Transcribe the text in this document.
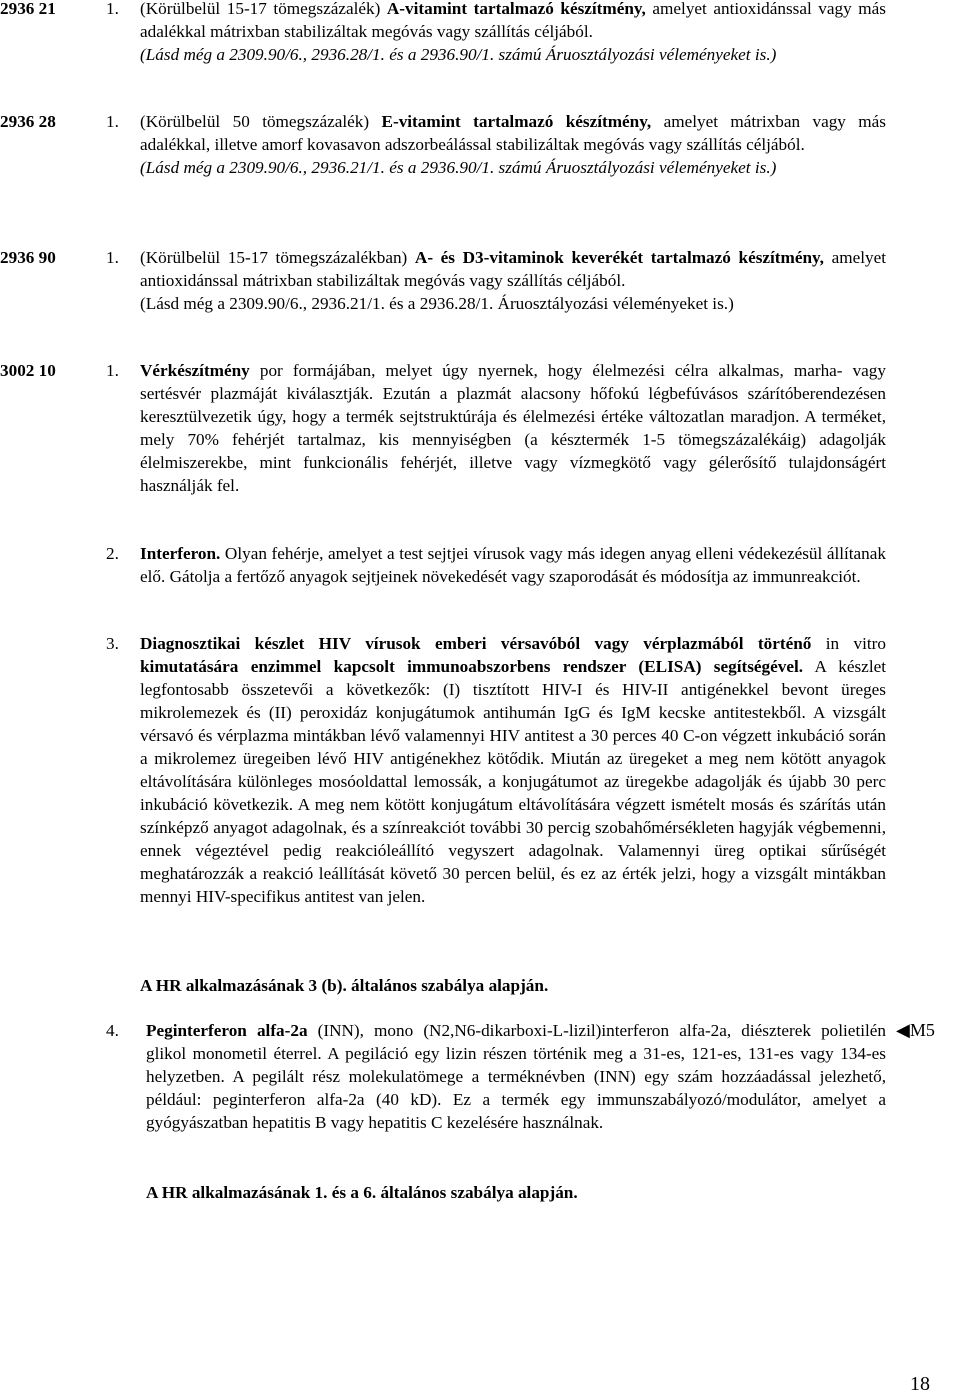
2936 21	1. (Körülbelül 15-17 tömegszázalék) A-vitamint tartalmazó készítmény, amelyet antioxidánssal vagy más adalékkal mátrixban stabilizáltak megóvás vagy szállítás céljából.

(Lásd még a 2309.90/6., 2936.28/1. és a 2936.90/1. számú Áruosztályozási véleményeket is.)

2936 28	1. (Körülbelül 50 tömegszázalék) E-vitamint tartalmazó készítmény, amelyet mátrixban vagy más adalékkal, illetve amorf kovasavon adszorbeálással stabilizáltak megóvás vagy szállítás céljából.

(Lásd még a 2309.90/6., 2936.21/1. és a 2936.90/1. számú Áruosztályozási véleményeket is.)

2936 90	1. (Körülbelül 15-17 tömegszázalékban) A- és D3-vitaminok keverékét tartalmazó készítmény, amelyet antioxidánssal mátrixban stabilizáltak megóvás vagy szállítás céljából.

(Lásd még a 2309.90/6., 2936.21/1. és a 2936.28/1. Áruosztályozási véleményeket is.)

3002 10	1. Vérkészítmény por formájában, melyet úgy nyernek, hogy élelmezési célra alkalmas, marha- vagy sertésvér plazmáját kiválasztják. Ezután a plazmát alacsony hőfokú légbefúvásos szárítóberendezésen keresztülvezetik úgy, hogy a termék sejtstruktúrája és élelmezési értéke változatlan maradjon. A terméket, mely 70% fehérjét tartalmaz, kis mennyiségben (a késztermék 1-5 tömegszázalékáig) adagolják élelmiszerekbe, mint funkcionális fehérjét, illetve vagy vízmegkötő vagy gélerősítő tulajdonságért használják fel.

2. Interferon. Olyan fehérje, amelyet a test sejtjei vírusok vagy más idegen anyag elleni védekezésül állítanak elő. Gátolja a fertőző anyagok sejtjeinek növekedését vagy szaporodását és módosítja az immunreakciót.

3. Diagnosztikai készlet HIV vírusok emberi vérsavóból vagy vérplazmából történő in vitro kimutatására enzimmel kapcsolt immunoabszorbens rendszer (ELISA) segítségével. A készlet legfontosabb összetevői a következők: (I) tisztított HIV-I és HIV-II antigénekkel bevont üreges mikrolemezek és (II) peroxidáz konjugátumok antihumán IgG és IgM kecske antitestekből. A vizsgált vérsavó és vérplazma mintákban lévő valamennyi HIV antitest a 30 perces 40 C-on végzett inkubáció során a mikrolemez üregeiben lévő HIV antigénekhez kötődik. Miután az üregeket a meg nem kötött anyagok eltávolítására különleges mosóoldattal lemossák, a konjugátumot az üregekbe adagolják és újabb 30 perc inkubáció következik. A meg nem kötött konjugátum eltávolítására végzett ismételt mosás és szárítás után színképző anyagot adagolnak, és a színreakciót további 30 percig szobahőmérsékleten hagyják végbemenni, ennek végeztével pedig reakcióleállító vegyszert adagolnak. Valamennyi üreg optikai sűrűségét meghatározzák a reakció leállítását követő 30 percen belül, és ez az érték jelzi, hogy a vizsgált mintákban mennyi HIV-specifikus antitest van jelen.

A HR alkalmazásának 3 (b). általános szabálya alapján.
4. Peginterferon alfa-2a (INN), mono (N2,N6-dikarboxi-L-lizil)interferon alfa-2a, diészterek polietilén glikol monometil éterrel. A pegiláció egy lizin részen történik meg a 31-es, 121-es, 131-es vagy 134-es helyzetben. A pegilált rész molekulatömege a terméknévben (INN) egy szám hozzáadással jelezhető, például: peginterferon alfa-2a (40 kD). Ez a termék egy immunszabályozó/modulátor, amelyet a gyógyászatban hepatitis B vagy hepatitis C kezelésére használnak.

◀M5
A HR alkalmazásának 1. és a 6. általános szabálya alapján.
18
